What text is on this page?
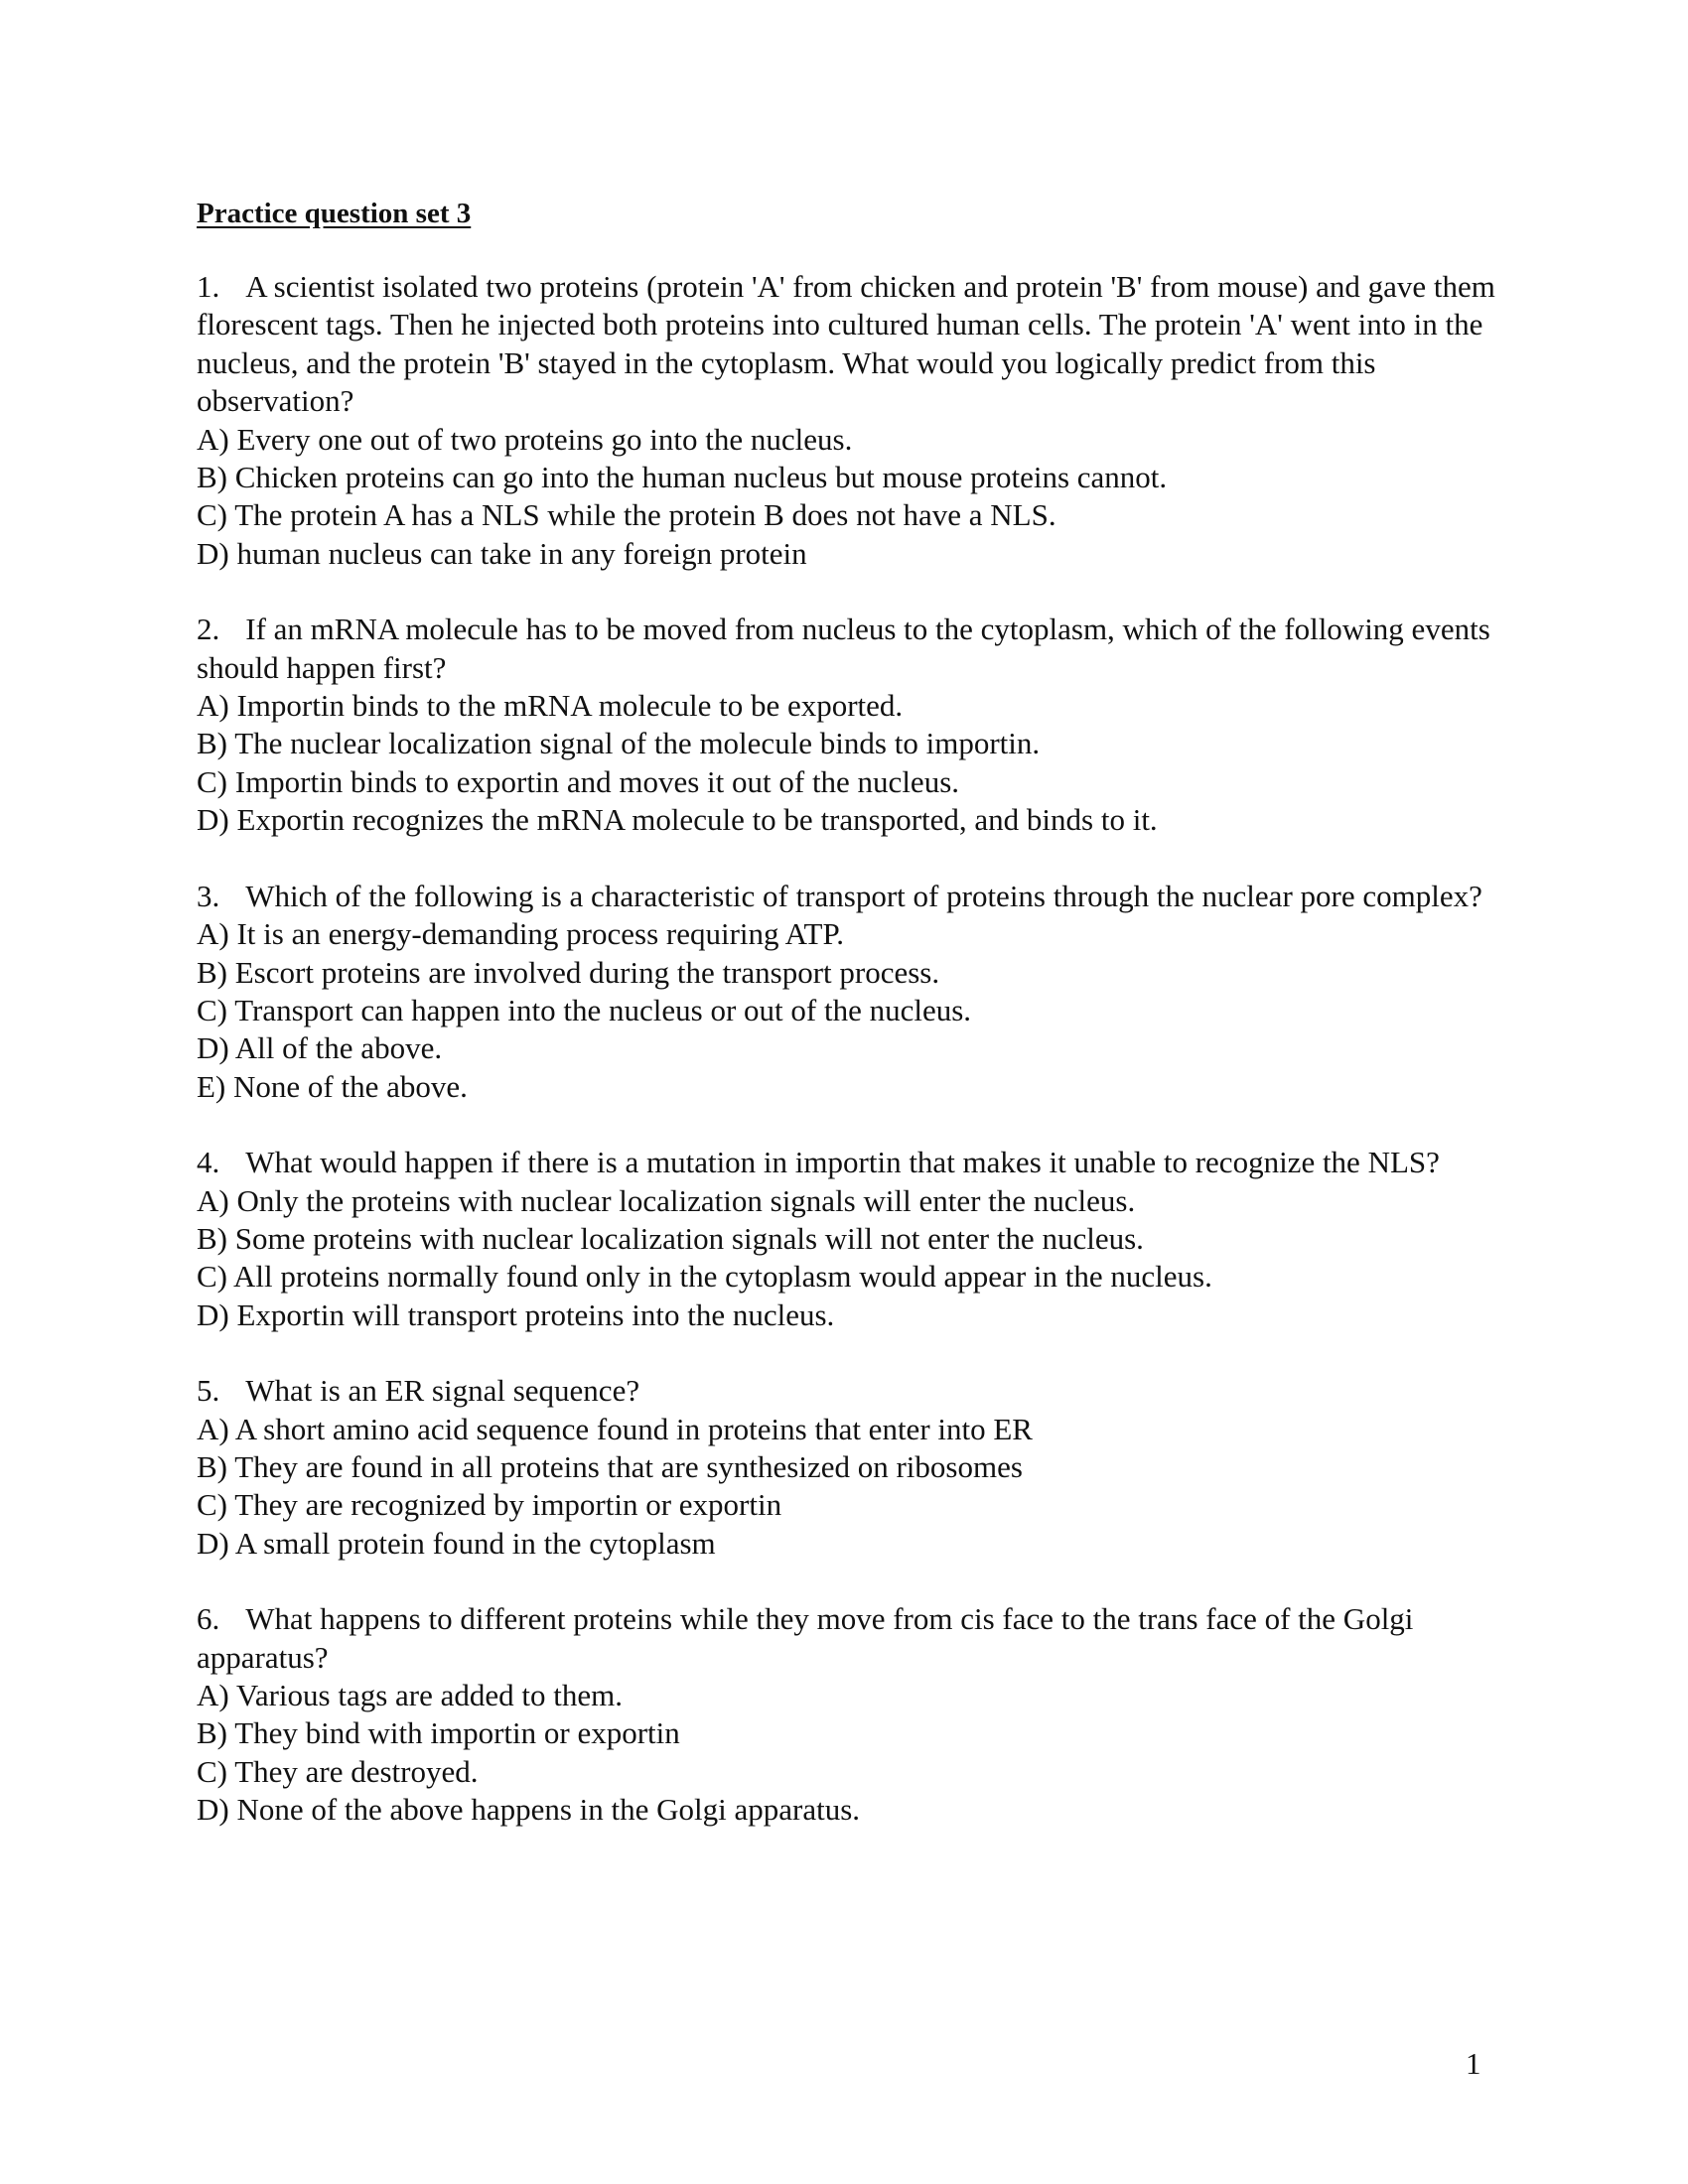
Practice question set 3

1. A scientist isolated two proteins (protein 'A' from chicken and protein 'B' from mouse) and gave them florescent tags. Then he injected both proteins into cultured human cells. The protein 'A' went into in the nucleus, and the protein 'B' stayed in the cytoplasm. What would you logically predict from this observation?

A) Every one out of two proteins go into the nucleus.

B) Chicken proteins can go into the human nucleus but mouse proteins cannot.

C) The protein A has a NLS while the protein B does not have a NLS.

D) human nucleus can take in any foreign protein

2. If an mRNA molecule has to be moved from nucleus to the cytoplasm, which of the following events should happen first?

A) Importin binds to the mRNA molecule to be exported.

B) The nuclear localization signal of the molecule binds to importin.

C) Importin binds to exportin and moves it out of the nucleus.

D) Exportin recognizes the mRNA molecule to be transported, and binds to it.

3. Which of the following is a characteristic of transport of proteins through the nuclear pore complex?

A) It is an energy-demanding process requiring ATP.

B) Escort proteins are involved during the transport process.

C) Transport can happen into the nucleus or out of the nucleus.

D) All of the above.

E) None of the above.

4. What would happen if there is a mutation in importin that makes it unable to recognize the NLS?

A) Only the proteins with nuclear localization signals will enter the nucleus.

B) Some proteins with nuclear localization signals will not enter the nucleus.

C) All proteins normally found only in the cytoplasm would appear in the nucleus.

D) Exportin will transport proteins into the nucleus.

5. What is an ER signal sequence?

A) A short amino acid sequence found in proteins that enter into ER

B) They are found in all proteins that are synthesized on ribosomes

C) They are recognized by importin or exportin

D) A small protein found in the cytoplasm

6. What happens to different proteins while they move from cis face to the trans face of the Golgi apparatus?

A) Various tags are added to them.

B) They bind with importin or exportin

C) They are destroyed.

D) None of the above happens in the Golgi apparatus.

1
